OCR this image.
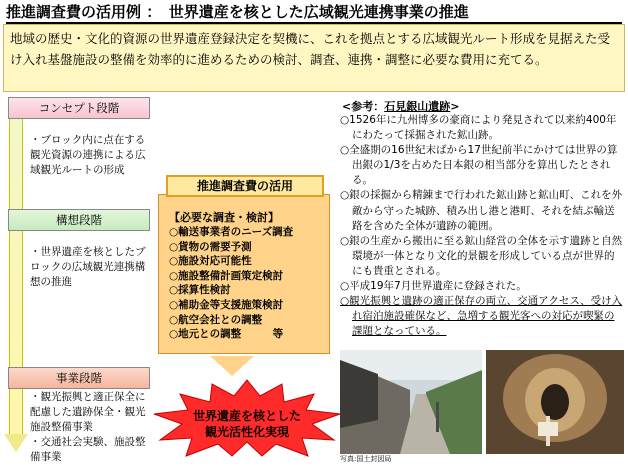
推進調査費の活用例 ：　世界遺産を核とした広域観光連携事業の推進
地域の歴史・文化的資源の世界遺産登録決定を契機に、これを拠点とする広域観光ルート形成を見据えた受け入れ基盤施設の整備を効率的に進めるための検討、調査、連携・調整に必要な費用に充てる。
コンセプト段階
・ブロック内に点在する観光資源の連携による広域観光ルートの形成
構想段階
・世界遺産を核としたブロックの広域観光連携構想の推進
事業段階
・観光振興と適正保全に配慮した遺跡保全・観光施設整備事業
・交通社会実験、施設整備事業
【必要な調査・検討】
○輸送事業者のニーズ調査
○貨物の需要予測
○施設対応可能性
○施設整備計画策定検討
○採算性検討
○補助金等支援施策検討
○航空会社との調整
○地元との調整　　　等
推進調査費の活用
世界遺産を核とした
観光活性化実現
<参考：石見銀山遺跡>
○1526年に九州博多の豪商により発見されて以来約400年にわたって採掘された鉱山跡。
○全盛期の16世紀末ばから17世紀前半にかけては世界の算出銀の1/3を占めた日本銀の相当部分を算出したとされる。
○銀の採掘から精錬まで行われた鉱山跡と鉱山町、これを外敵から守った城跡、積み出し港と港町、それを結ぶ輸送路を含めた全体が遺跡の範囲。
○銀の生産から搬出に至る鉱山経営の全体を示す遺跡と自然環境が一体となり文化的景観を形成している点が世界的にも貴重とされる。
○平成19年7月世界遺産に登録された。
○観光振興と遺跡の適正保存の両立、交通アクセス、受け入れ宿泊施設確保など、急増する観光客への対応が喫緊の課題となっている。
写真:国土封図局
